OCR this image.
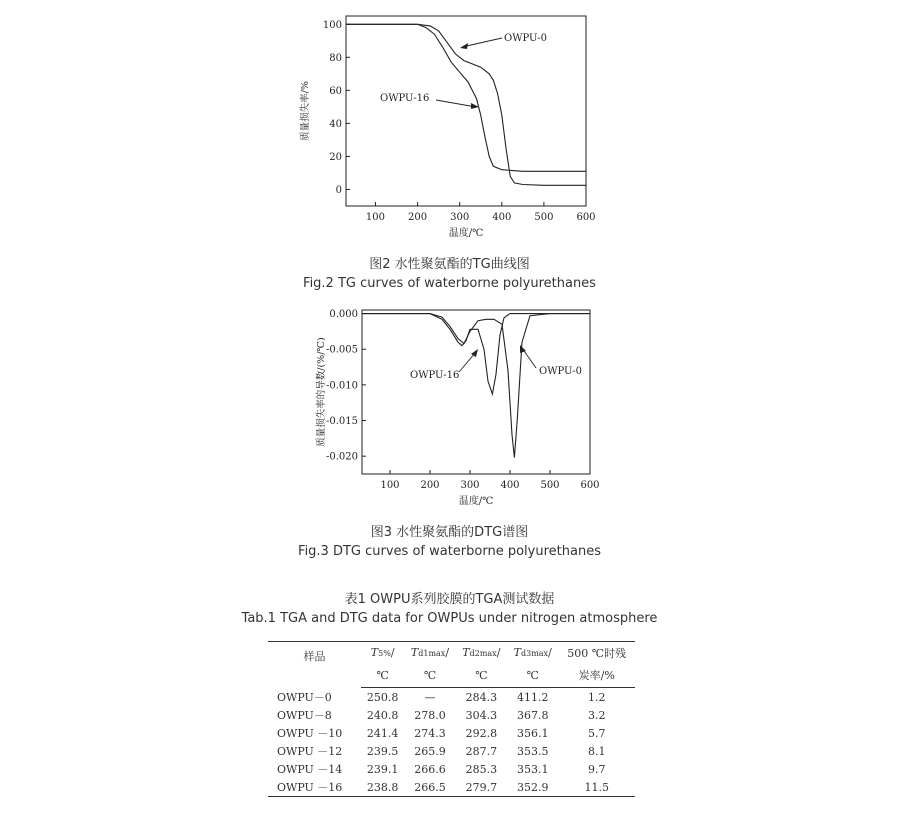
100 200 300 400 500 600
0
20
40
60
80
100
温度/℃
质量损失率/%
OWPU-0
OWPU-16
图2 水性聚氨酯的TG曲线图
Fig.2 TG curves of waterborne polyurethanes
100 200 300 400 500 600
0.000
-0.005
-0.010
-0.015
-0.020
温度/℃
质量损失率的导数/(%/℃)	OWPU-16	OWPU-0
图3 水性聚氨酯的DTG谱图
Fig.3 DTG curves of waterborne polyurethanes
表1 OWPU系列胶膜的TGA测试数据
Tab.1 TGA and DTG data for OWPUs under nitrogen atmosphere
样品	T5%/	Td1max/	Td2max/	Td3max/	500 ℃时残
	℃	℃	℃	℃	炭率/%
OWPU－0	250.8	—	284.3	411.2	1.2
OWPU－8	240.8	278.0	304.3	367.8	3.2
OWPU －10	241.4	274.3	292.8	356.1	5.7
OWPU －12	239.5	265.9	287.7	353.5	8.1
OWPU －14	239.1	266.6	285.3	353.1	9.7
OWPU －16	238.8	266.5	279.7	352.9	11.5
